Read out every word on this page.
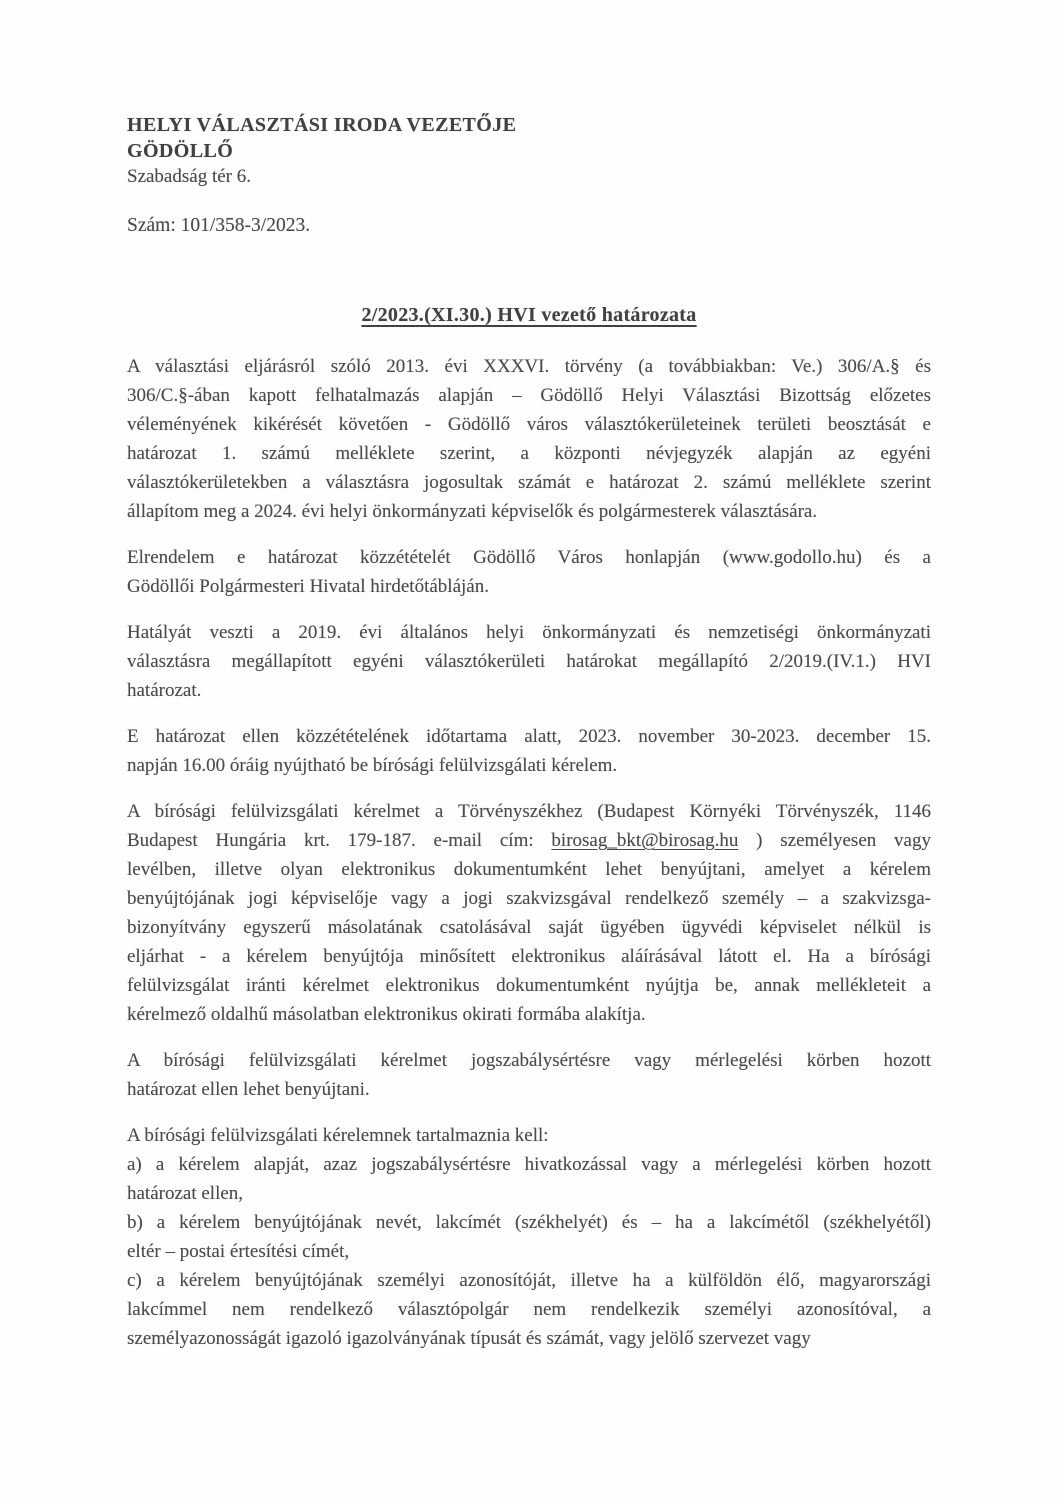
HELYI VÁLASZTÁSI IRODA VEZETŐJE
GÖDÖLLŐ
Szabadság tér 6.
Szám: 101/358-3/2023.
2/2023.(XI.30.) HVI vezető határozata
A választási eljárásról szóló 2013. évi XXXVI. törvény (a továbbiakban: Ve.) 306/A.§ és
306/C.§-ában kapott felhatalmazás alapján – Gödöllő Helyi Választási Bizottság előzetes
véleményének kikérését követően - Gödöllő város választókerületeinek területi beosztását e
határozat 1. számú melléklete szerint, a központi névjegyzék alapján az egyéni
választókerületekben a választásra jogosultak számát e határozat 2. számú melléklete szerint
állapítom meg a 2024. évi helyi önkormányzati képviselők és polgármesterek választására.
Elrendelem e határozat közzétételét Gödöllő Város honlapján (www.godollo.hu) és a
Gödöllői Polgármesteri Hivatal hirdetőtábláján.
Hatályát veszti a 2019. évi általános helyi önkormányzati és nemzetiségi önkormányzati
választásra megállapított egyéni választókerületi határokat megállapító 2/2019.(IV.1.) HVI
határozat.
E határozat ellen közzétételének időtartama alatt, 2023. november 30-2023. december 15.
napján 16.00 óráig nyújtható be bírósági felülvizsgálati kérelem.
A bírósági felülvizsgálati kérelmet a Törvényszékhez (Budapest Környéki Törvényszék, 1146
Budapest Hungária krt. 179-187. e-mail cím: birosag_bkt@birosag.hu ) személyesen vagy
levélben, illetve olyan elektronikus dokumentumként lehet benyújtani, amelyet a kérelem
benyújtójának jogi képviselője vagy a jogi szakvizsgával rendelkező személy – a szakvizsga-
bizonyítvány egyszerű másolatának csatolásával saját ügyében ügyvédi képviselet nélkül is
eljárhat - a kérelem benyújtója minősített elektronikus aláírásával látott el. Ha a bírósági
felülvizsgálat iránti kérelmet elektronikus dokumentumként nyújtja be, annak mellékleteit a
kérelmező oldalhű másolatban elektronikus okirati formába alakítja.
A bírósági felülvizsgálati kérelmet jogszabálysértésre vagy mérlegelési körben hozott
határozat ellen lehet benyújtani.
A bírósági felülvizsgálati kérelemnek tartalmaznia kell:
a) a kérelem alapját, azaz jogszabálysértésre hivatkozással vagy a mérlegelési körben hozott
határozat ellen,
b) a kérelem benyújtójának nevét, lakcímét (székhelyét) és – ha a lakcímétől (székhelyétől)
eltér – postai értesítési címét,
c) a kérelem benyújtójának személyi azonosítóját, illetve ha a külföldön élő, magyarországi
lakcímmel nem rendelkező választópolgár nem rendelkezik személyi azonosítóval, a
személyazonosságát igazoló igazolványának típusát és számát, vagy jelölő szervezet vagy
